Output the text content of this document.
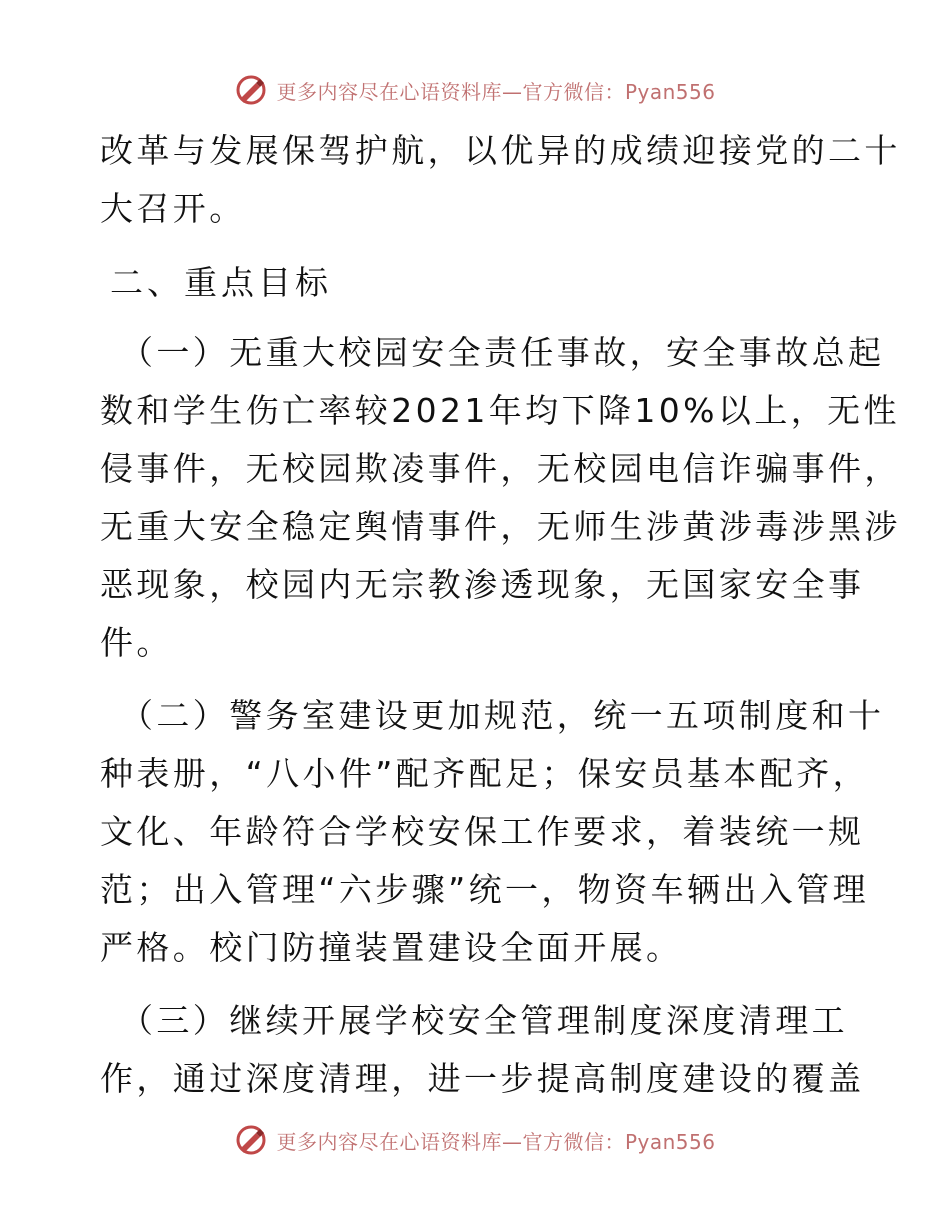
更多内容尽在心语资料库—官方微信：Pyan556
改革与发展保驾护航，以优异的成绩迎接党的二十
大召开。
二、重点目标
（一）无重大校园安全责任事故，安全事故总起
数和学生伤亡率较2021年均下降10%以上，无性
侵事件，无校园欺凌事件，无校园电信诈骗事件，
无重大安全稳定舆情事件，无师生涉黄涉毒涉黑涉
恶现象，校园内无宗教渗透现象，无国家安全事
件。
（二）警务室建设更加规范，统一五项制度和十
种表册，“八小件”配齐配足；保安员基本配齐，
文化、年龄符合学校安保工作要求，着装统一规
范；出入管理“六步骤”统一，物资车辆出入管理
严格。校门防撞装置建设全面开展。
（三）继续开展学校安全管理制度深度清理工
作，通过深度清理，进一步提高制度建设的覆盖
更多内容尽在心语资料库—官方微信：Pyan556
